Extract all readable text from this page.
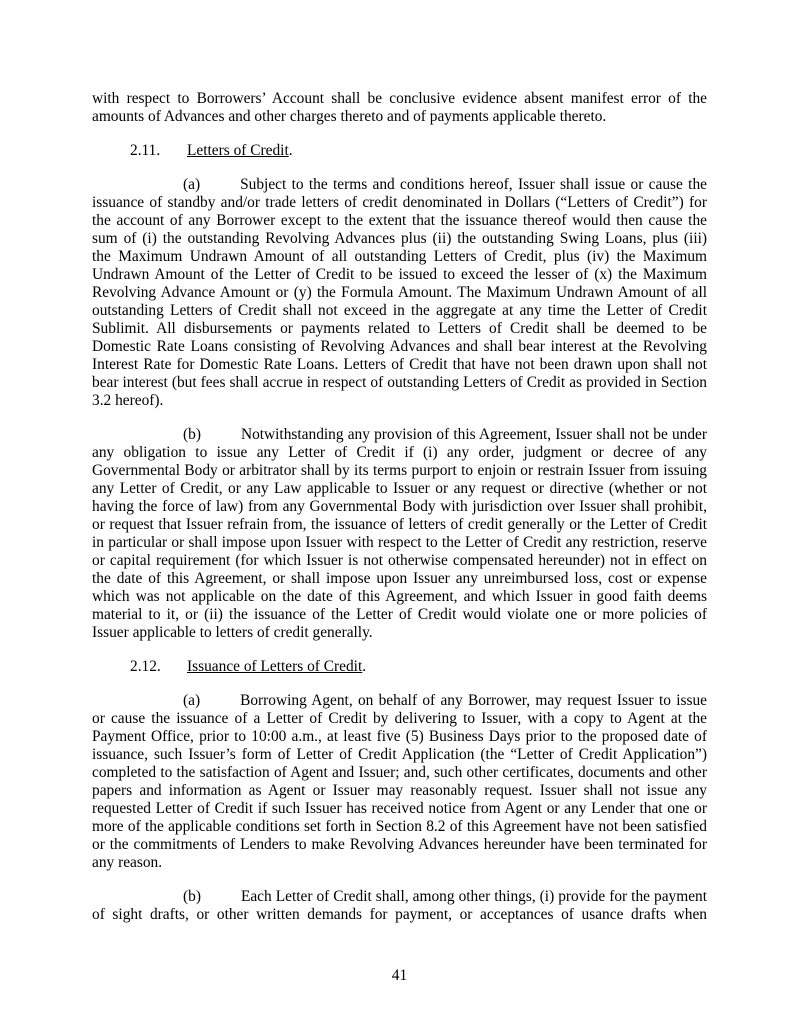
with respect to Borrowers’ Account shall be conclusive evidence absent manifest error of the
amounts of Advances and other charges thereto and of payments applicable thereto.
2.11. Letters of Credit.
(a)	Subject to the terms and conditions hereof, Issuer shall issue or cause the
issuance of standby and/or trade letters of credit denominated in Dollars (“Letters of Credit”) for
the account of any Borrower except to the extent that the issuance thereof would then cause the
sum of (i) the outstanding Revolving Advances plus (ii) the outstanding Swing Loans, plus (iii)
the Maximum Undrawn Amount of all outstanding Letters of Credit, plus (iv) the Maximum
Undrawn Amount of the Letter of Credit to be issued to exceed the lesser of (x) the Maximum
Revolving Advance Amount or (y) the Formula Amount. The Maximum Undrawn Amount of all
outstanding Letters of Credit shall not exceed in the aggregate at any time the Letter of Credit
Sublimit. All disbursements or payments related to Letters of Credit shall be deemed to be
Domestic Rate Loans consisting of Revolving Advances and shall bear interest at the Revolving
Interest Rate for Domestic Rate Loans. Letters of Credit that have not been drawn upon shall not
bear interest (but fees shall accrue in respect of outstanding Letters of Credit as provided in Section
3.2 hereof).
(b)	Notwithstanding any provision of this Agreement, Issuer shall not be under
any obligation to issue any Letter of Credit if (i) any order, judgment or decree of any
Governmental Body or arbitrator shall by its terms purport to enjoin or restrain Issuer from issuing
any Letter of Credit, or any Law applicable to Issuer or any request or directive (whether or not
having the force of law) from any Governmental Body with jurisdiction over Issuer shall prohibit,
or request that Issuer refrain from, the issuance of letters of credit generally or the Letter of Credit
in particular or shall impose upon Issuer with respect to the Letter of Credit any restriction, reserve
or capital requirement (for which Issuer is not otherwise compensated hereunder) not in effect on
the date of this Agreement, or shall impose upon Issuer any unreimbursed loss, cost or expense
which was not applicable on the date of this Agreement, and which Issuer in good faith deems
material to it, or (ii) the issuance of the Letter of Credit would violate one or more policies of
Issuer applicable to letters of credit generally.
2.12. Issuance of Letters of Credit.
(a)	Borrowing Agent, on behalf of any Borrower, may request Issuer to issue
or cause the issuance of a Letter of Credit by delivering to Issuer, with a copy to Agent at the
Payment Office, prior to 10:00 a.m., at least five (5) Business Days prior to the proposed date of
issuance, such Issuer’s form of Letter of Credit Application (the “Letter of Credit Application”)
completed to the satisfaction of Agent and Issuer; and, such other certificates, documents and other
papers and information as Agent or Issuer may reasonably request. Issuer shall not issue any
requested Letter of Credit if such Issuer has received notice from Agent or any Lender that one or
more of the applicable conditions set forth in Section 8.2 of this Agreement have not been satisfied
or the commitments of Lenders to make Revolving Advances hereunder have been terminated for
any reason.
(b)	Each Letter of Credit shall, among other things, (i) provide for the payment
of sight drafts, or other written demands for payment, or acceptances of usance drafts when
41
